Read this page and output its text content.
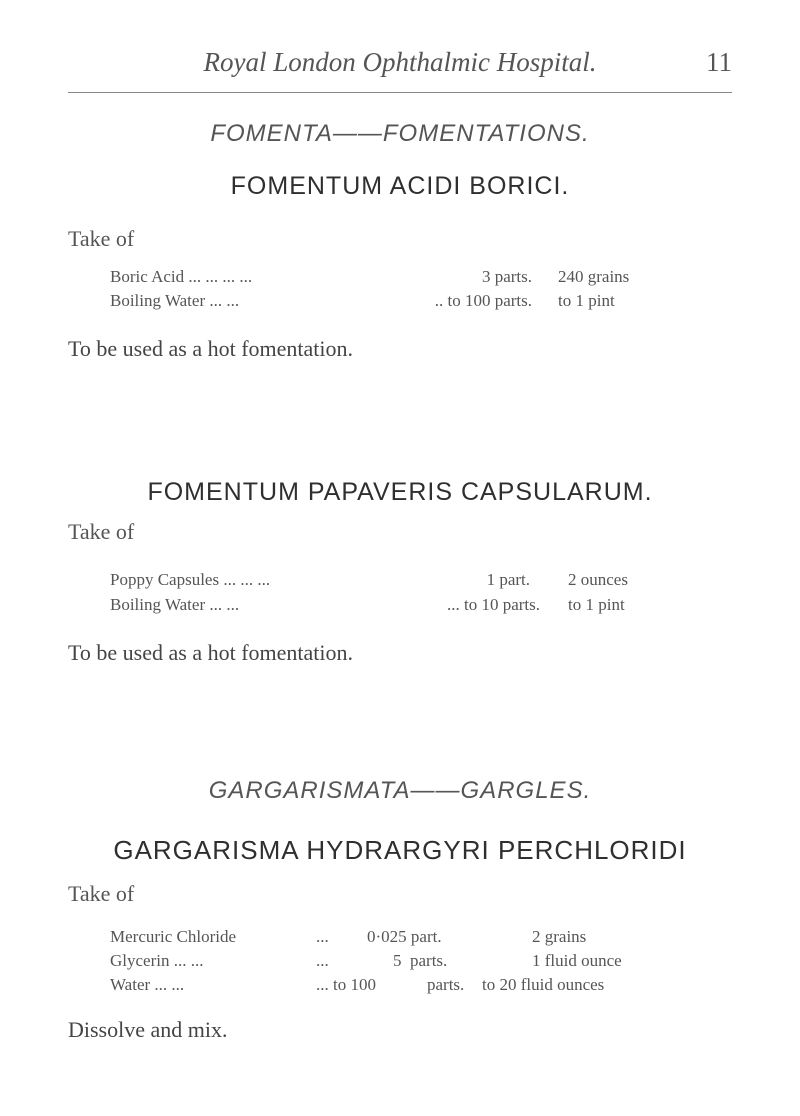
Royal London Ophthalmic Hospital.	11
FOMENTA——FOMENTATIONS.
FOMENTUM ACIDI BORICI.
Take of
Boric Acid ... ... ... ...	3 parts. 240 grains
Boiling Water ... ...	.. to 100 parts. to 1 pint
To be used as a hot fomentation.
FOMENTUM PAPAVERIS CAPSULARUM.
Take of
Poppy Capsules ... ... ...	1 part. 2 ounces
Boiling Water ... ...	... to 10 parts. to 1 pint
To be used as a hot fomentation.
GARGARISMATA——GARGLES.
GARGARISMA HYDRARGYRI PERCHLORIDI
Take of
Mercuric Chloride	... 0·025 part.	2 grains
Glycerin ... ...	...	5  parts.	1 fluid ounce
Water ... ...	... to 100	parts. to 20 fluid ounces
Dissolve and mix.
